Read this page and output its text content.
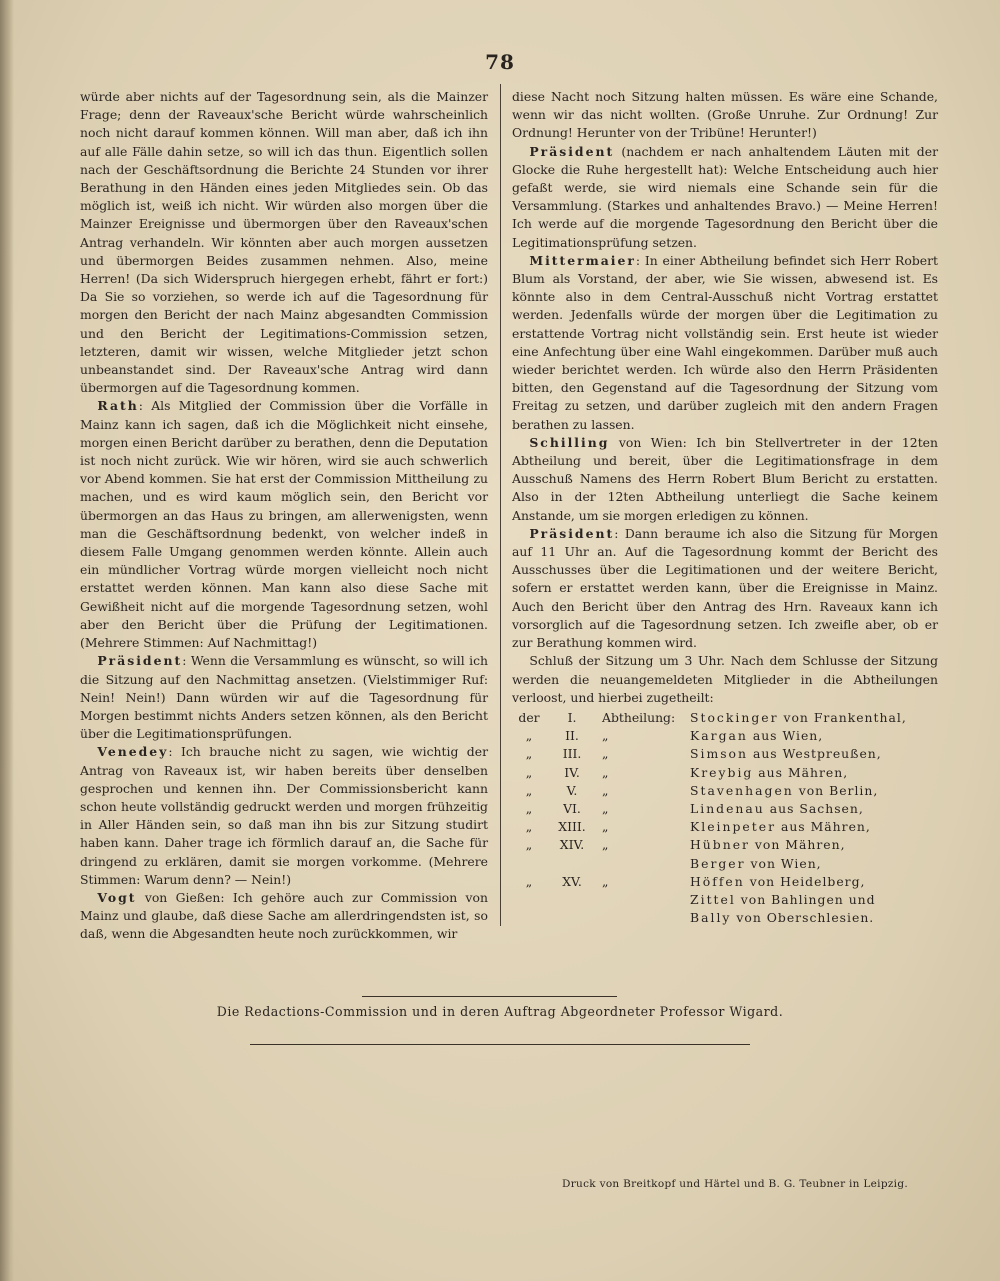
78

würde aber nichts auf der Tagesordnung sein, als die Mainzer Frage; denn der Raveaux'sche Bericht würde wahrscheinlich noch nicht darauf kommen können. Will man aber, daß ich ihn auf alle Fälle dahin setze, so will ich das thun. Eigentlich sollen nach der Geschäftsordnung die Berichte 24 Stunden vor ihrer Berathung in den Händen eines jeden Mitgliedes sein. Ob das möglich ist, weiß ich nicht. Wir würden also morgen über die Mainzer Ereignisse und übermorgen über den Raveaux'schen Antrag verhandeln. Wir könnten aber auch morgen aussetzen und übermorgen Beides zusammen nehmen. Also, meine Herren! (Da sich Widerspruch hiergegen erhebt, fährt er fort:) Da Sie so vorziehen, so werde ich auf die Tagesordnung für morgen den Bericht der nach Mainz abgesandten Commission und den Bericht der Legitimations-Commission setzen, letzteren, damit wir wissen, welche Mitglieder jetzt schon unbeanstandet sind. Der Raveaux'sche Antrag wird dann übermorgen auf die Tagesordnung kommen.

Rath: Als Mitglied der Commission über die Vorfälle in Mainz kann ich sagen, daß ich die Möglichkeit nicht einsehe, morgen einen Bericht darüber zu berathen, denn die Deputation ist noch nicht zurück. Wie wir hören, wird sie auch schwerlich vor Abend kommen. Sie hat erst der Commission Mittheilung zu machen, und es wird kaum möglich sein, den Bericht vor übermorgen an das Haus zu bringen, am allerwenigsten, wenn man die Geschäftsordnung bedenkt, von welcher indeß in diesem Falle Umgang genommen werden könnte. Allein auch ein mündlicher Vortrag würde morgen vielleicht noch nicht erstattet werden können. Man kann also diese Sache mit Gewißheit nicht auf die morgende Tagesordnung setzen, wohl aber den Bericht über die Prüfung der Legitimationen. (Mehrere Stimmen: Auf Nachmittag!)

Präsident: Wenn die Versammlung es wünscht, so will ich die Sitzung auf den Nachmittag ansetzen. (Vielstimmiger Ruf: Nein! Nein!) Dann würden wir auf die Tagesordnung für Morgen bestimmt nichts Anders setzen können, als den Bericht über die Legitimationsprüfungen.

Venedey: Ich brauche nicht zu sagen, wie wichtig der Antrag von Raveaux ist, wir haben bereits über denselben gesprochen und kennen ihn. Der Commissionsbericht kann schon heute vollständig gedruckt werden und morgen frühzeitig in Aller Händen sein, so daß man ihn bis zur Sitzung studirt haben kann. Daher trage ich förmlich darauf an, die Sache für dringend zu erklären, damit sie morgen vorkomme. (Mehrere Stimmen: Warum denn? — Nein!)

Vogt von Gießen: Ich gehöre auch zur Commission von Mainz und glaube, daß diese Sache am allerdringendsten ist, so daß, wenn die Abgesandten heute noch zurückkommen, wir

diese Nacht noch Sitzung halten müssen. Es wäre eine Schande, wenn wir das nicht wollten. (Große Unruhe. Zur Ordnung! Zur Ordnung! Herunter von der Tribüne! Herunter!)

Präsident (nachdem er nach anhaltendem Läuten mit der Glocke die Ruhe hergestellt hat): Welche Entscheidung auch hier gefaßt werde, sie wird niemals eine Schande sein für die Versammlung. (Starkes und anhaltendes Bravo.) — Meine Herren! Ich werde auf die morgende Tagesordnung den Bericht über die Legitimationsprüfung setzen.

Mittermaier: In einer Abtheilung befindet sich Herr Robert Blum als Vorstand, der aber, wie Sie wissen, abwesend ist. Es könnte also in dem Central-Ausschuß nicht Vortrag erstattet werden. Jedenfalls würde der morgen über die Legitimation zu erstattende Vortrag nicht vollständig sein. Erst heute ist wieder eine Anfechtung über eine Wahl eingekommen. Darüber muß auch wieder berichtet werden. Ich würde also den Herrn Präsidenten bitten, den Gegenstand auf die Tagesordnung der Sitzung vom Freitag zu setzen, und darüber zugleich mit den andern Fragen berathen zu lassen.

Schilling von Wien: Ich bin Stellvertreter in der 12ten Abtheilung und bereit, über die Legitimationsfrage in dem Ausschuß Namens des Herrn Robert Blum Bericht zu erstatten. Also in der 12ten Abtheilung unterliegt die Sache keinem Anstande, um sie morgen erledigen zu können.

Präsident: Dann beraume ich also die Sitzung für Morgen auf 11 Uhr an. Auf die Tagesordnung kommt der Bericht des Ausschusses über die Legitimationen und der weitere Bericht, sofern er erstattet werden kann, über die Ereignisse in Mainz. Auch den Bericht über den Antrag des Hrn. Raveaux kann ich vorsorglich auf die Tagesordnung setzen. Ich zweifle aber, ob er zur Berathung kommen wird.

Schluß der Sitzung um 3 Uhr. Nach dem Schlusse der Sitzung werden die neuangemeldeten Mitglieder in die Abtheilungen verloost, und hierbei zugetheilt:

der	I.	Abtheilung:	Stockinger von Frankenthal,
„	II.	„	Kargan aus Wien,
„	III.	„	Simson aus Westpreußen,
„	IV.	„	Kreybig aus Mähren,
„	V.	„	Stavenhagen von Berlin,
„	VI.	„	Lindenau aus Sachsen,
„	XIII.	„	Kleinpeter aus Mähren,
„	XIV.	„	Hübner von Mähren,
			Berger von Wien,
„	XV.	„	Höffen von Heidelberg,
			Zittel von Bahlingen und
			Bally von Oberschlesien.
Die Redactions-Commission und in deren Auftrag Abgeordneter Professor Wigard.
Druck von Breitkopf und Härtel und B. G. Teubner in Leipzig.
